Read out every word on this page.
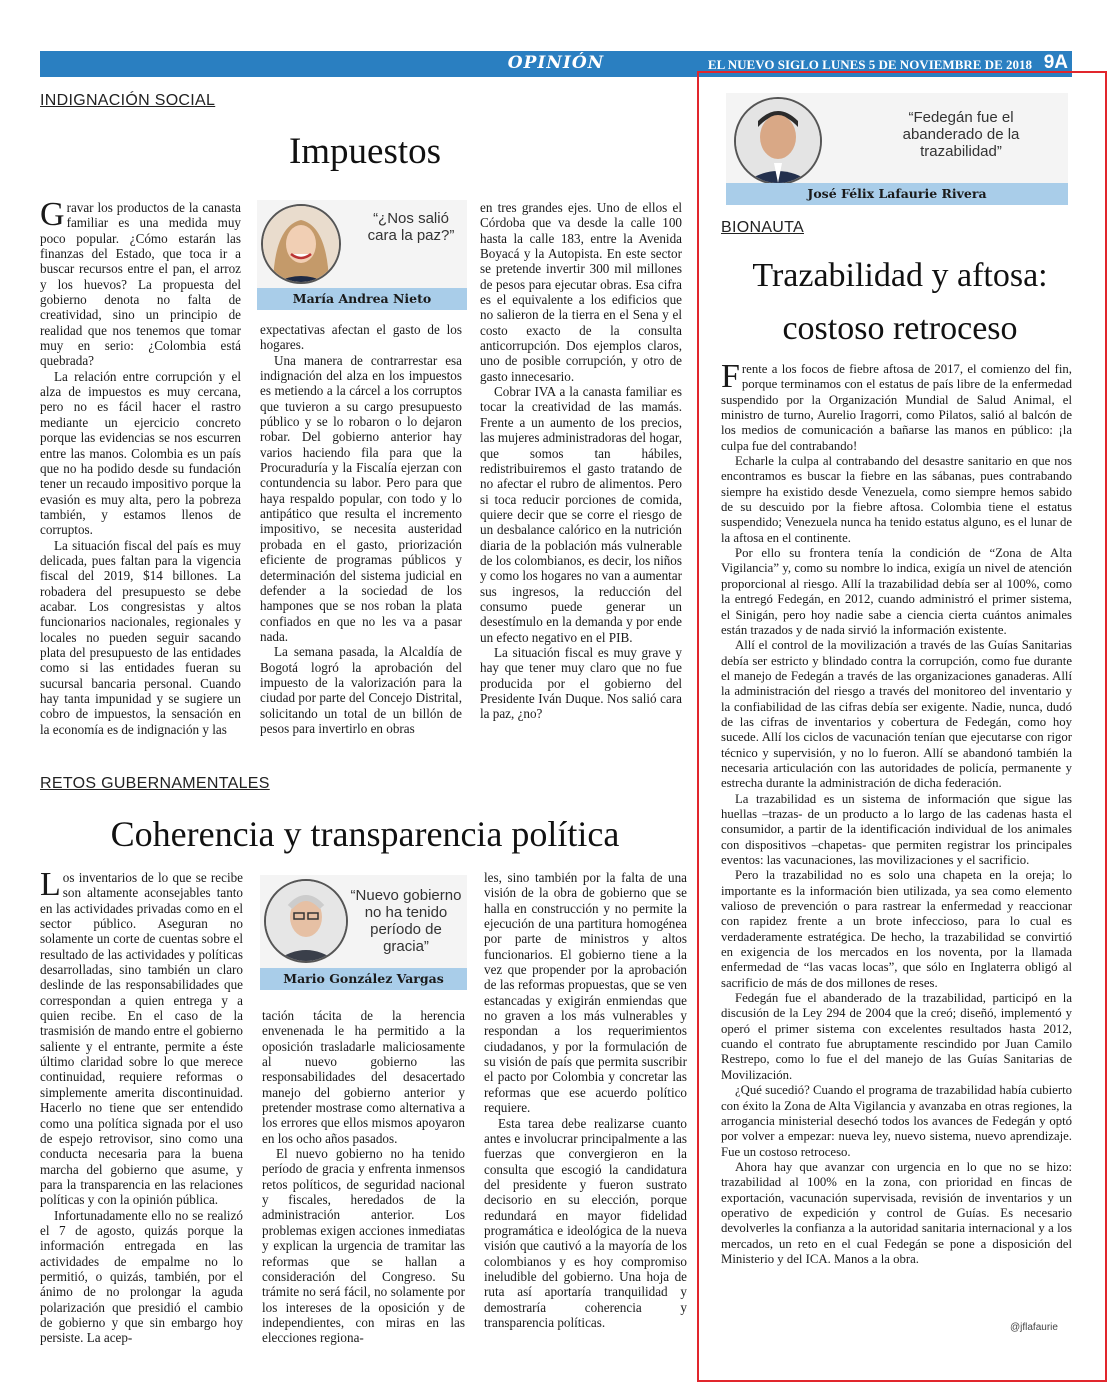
OPINIÓN	EL NUEVO SIGLO LUNES 5 DE NOVIEMBRE DE 2018 9A
INDIGNACIÓN SOCIAL
Impuestos
“¿Nos salió cara la paz?”
María Andrea Nieto

Gravar los productos de la canasta familiar es una medida muy poco popular. ¿Cómo estarán las finanzas del Estado, que toca ir a buscar recursos entre el pan, el arroz y los huevos? La propuesta del gobierno denota no falta de creatividad, sino un principio de realidad que nos tenemos que tomar muy en serio: ¿Colombia está quebrada?

La relación entre corrupción y el alza de impuestos es muy cercana, pero no es fácil hacer el rastro mediante un ejercicio concreto porque las evidencias se nos escurren entre las manos. Colombia es un país que no ha podido desde su fundación tener un recaudo impositivo porque la evasión es muy alta, pero la pobreza también, y estamos llenos de corruptos.

La situación fiscal del país es muy delicada, pues faltan para la vigencia fiscal del 2019, $14 billones. La robadera del presupuesto se debe acabar. Los congresistas y altos funcionarios nacionales, regionales y locales no pueden seguir sacando plata del presupuesto de las entidades como si las entidades fueran su sucursal bancaria personal. Cuando hay tanta impunidad y se sugiere un cobro de impuestos, la sensación en la economía es de indignación y las

expectativas afectan el gasto de los hogares.

Una manera de contrarrestar esa indignación del alza en los impuestos es metiendo a la cárcel a los corruptos que tuvieron a su cargo presupuesto público y se lo robaron o lo dejaron robar. Del gobierno anterior hay varios haciendo fila para que la Procuraduría y la Fiscalía ejerzan con contundencia su labor. Pero para que haya respaldo popular, con todo y lo antipático que resulta el incremento impositivo, se necesita austeridad probada en el gasto, priorización eficiente de programas públicos y determinación del sistema judicial en defender a la sociedad de los hampones que se nos roban la plata confiados en que no les va a pasar nada.

La semana pasada, la Alcaldía de Bogotá logró la aprobación del impuesto de la valorización para la ciudad por parte del Concejo Distrital, solicitando un total de un billón de pesos para invertirlo en obras

en tres grandes ejes. Uno de ellos el Córdoba que va desde la calle 100 hasta la calle 183, entre la Avenida Boyacá y la Autopista. En este sector se pretende invertir 300 mil millones de pesos para ejecutar obras. Esa cifra es el equivalente a los edificios que no salieron de la tierra en el Sena y el costo exacto de la consulta anticorrupción. Dos ejemplos claros, uno de posible corrupción, y otro de gasto innecesario.

Cobrar IVA a la canasta familiar es tocar la creatividad de las mamás. Frente a un aumento de los precios, las mujeres administradoras del hogar, que somos tan hábiles, redistribuiremos el gasto tratando de no afectar el rubro de alimentos. Pero si toca reducir porciones de comida, quiere decir que se corre el riesgo de un desbalance calórico en la nutrición diaria de la población más vulnerable de los colombianos, es decir, los niños y como los hogares no van a aumentar sus ingresos, la reducción del consumo puede generar un desestímulo en la demanda y por ende un efecto negativo en el PIB.

La situación fiscal es muy grave y hay que tener muy claro que no fue producida por el gobierno del Presidente Iván Duque. Nos salió cara la paz, ¿no?

RETOS GUBERNAMENTALES
Coherencia y transparencia política
“Nuevo gobierno no ha tenido período de gracia”
Mario González Vargas

Los inventarios de lo que se recibe son altamente aconsejables tanto en las actividades privadas como en el sector público. Aseguran no solamente un corte de cuentas sobre el resultado de las actividades y políticas desarrolladas, sino también un claro deslinde de las responsabilidades que correspondan a quien entrega y a quien recibe. En el caso de la trasmisión de mando entre el gobierno saliente y el entrante, permite a éste último claridad sobre lo que merece continuidad, requiere reformas o simplemente amerita discontinuidad. Hacerlo no tiene que ser entendido como una política signada por el uso de espejo retrovisor, sino como una conducta necesaria para la buena marcha del gobierno que asume, y para la transparencia en las relaciones políticas y con la opinión pública.

Infortunadamente ello no se realizó el 7 de agosto, quizás porque la información entregada en las actividades de empalme no lo permitió, o quizás, también, por el ánimo de no prolongar la aguda polarización que presidió el cambio de gobierno y que sin embargo hoy persiste. La acep-

tación tácita de la herencia envenenada le ha permitido a la oposición trasladarle maliciosamente al nuevo gobierno las responsabilidades del desacertado manejo del gobierno anterior y pretender mostrase como alternativa a los errores que ellos mismos apoyaron en los ocho años pasados.

El nuevo gobierno no ha tenido período de gracia y enfrenta inmensos retos políticos, de seguridad nacional y fiscales, heredados de la administración anterior. Los problemas exigen acciones inmediatas y explican la urgencia de tramitar las reformas que se hallan a consideración del Congreso. Su trámite no será fácil, no solamente por los intereses de la oposición y de independientes, con miras en las elecciones regiona-

les, sino también por la falta de una visión de la obra de gobierno que se halla en construcción y no permite la ejecución de una partitura homogénea por parte de ministros y altos funcionarios. El gobierno tiene a la vez que propender por la aprobación de las reformas propuestas, que se ven estancadas y exigirán enmiendas que no graven a los más vulnerables y respondan a los requerimientos ciudadanos, y por la formulación de su visión de país que permita suscribir el pacto por Colombia y concretar las reformas que ese acuerdo político requiere.

Esta tarea debe realizarse cuanto antes e involucrar principalmente a las fuerzas que convergieron en la consulta que escogió la candidatura del presidente y fueron sustrato decisorio en su elección, porque redundará en mayor fidelidad programática e ideológica de la nueva visión que cautivó a la mayoría de los colombianos y es hoy compromiso ineludible del gobierno. Una hoja de ruta así aportaría tranquilidad y demostraría coherencia y transparencia políticas.

“Fedegán fue el abanderado de la trazabilidad”
José Félix Lafaurie Rivera
BIONAUTA
Trazabilidad y aftosa:
costoso retroceso

Frente a los focos de fiebre aftosa de 2017, el comienzo del fin, porque terminamos con el estatus de país libre de la enfermedad suspendido por la Organización Mundial de Salud Animal, el ministro de turno, Aurelio Iragorri, como Pilatos, salió al balcón de los medios de comunicación a bañarse las manos en público: ¡la culpa fue del contrabando!

Echarle la culpa al contrabando del desastre sanitario en que nos encontramos es buscar la fiebre en las sábanas, pues contrabando siempre ha existido desde Venezuela, como siempre hemos sabido de su descuido por la fiebre aftosa. Colombia tiene el estatus suspendido; Venezuela nunca ha tenido estatus alguno, es el lunar de la aftosa en el continente.

Por ello su frontera tenía la condición de “Zona de Alta Vigilancia” y, como su nombre lo indica, exigía un nivel de atención proporcional al riesgo. Allí la trazabilidad debía ser al 100%, como la entregó Fedegán, en 2012, cuando administró el primer sistema, el Sinigán, pero hoy nadie sabe a ciencia cierta cuántos animales están trazados y de nada sirvió la información existente.

Allí el control de la movilización a través de las Guías Sanitarias debía ser estricto y blindado contra la corrupción, como fue durante el manejo de Fedegán a través de las organizaciones ganaderas. Allí la administración del riesgo a través del monitoreo del inventario y la confiabilidad de las cifras debía ser exigente. Nadie, nunca, dudó de las cifras de inventarios y cobertura de Fedegán, como hoy sucede. Allí los ciclos de vacunación tenían que ejecutarse con rigor técnico y supervisión, y no lo fueron. Allí se abandonó también la necesaria articulación con las autoridades de policía, permanente y estrecha durante la administración de dicha federación.

La trazabilidad es un sistema de información que sigue las huellas –trazas- de un producto a lo largo de las cadenas hasta el consumidor, a partir de la identificación individual de los animales con dispositivos –chapetas- que permiten registrar los principales eventos: las vacunaciones, las movilizaciones y el sacrificio.

Pero la trazabilidad no es solo una chapeta en la oreja; lo importante es la información bien utilizada, ya sea como elemento valioso de prevención o para rastrear la enfermedad y reaccionar con rapidez frente a un brote infeccioso, para lo cual es verdaderamente estratégica. De hecho, la trazabilidad se convirtió en exigencia de los mercados en los noventa, por la llamada enfermedad de “las vacas locas”, que sólo en Inglaterra obligó al sacrificio de más de dos millones de reses.

Fedegán fue el abanderado de la trazabilidad, participó en la discusión de la Ley 294 de 2004 que la creó; diseñó, implementó y operó el primer sistema con excelentes resultados hasta 2012, cuando el contrato fue abruptamente rescindido por Juan Camilo Restrepo, como lo fue el del manejo de las Guías Sanitarias de Movilización.

¿Qué sucedió? Cuando el programa de trazabilidad había cubierto con éxito la Zona de Alta Vigilancia y avanzaba en otras regiones, la arrogancia ministerial desechó todos los avances de Fedegán y optó por volver a empezar: nueva ley, nuevo sistema, nuevo aprendizaje. Fue un costoso retroceso.

Ahora hay que avanzar con urgencia en lo que no se hizo: trazabilidad al 100% en la zona, con prioridad en fincas de exportación, vacunación supervisada, revisión de inventarios y un operativo de expedición y control de Guías. Es necesario devolverles la confianza a la autoridad sanitaria internacional y a los mercados, un reto en el cual Fedegán se pone a disposición del Ministerio y del ICA. Manos a la obra.

@jflafaurie
